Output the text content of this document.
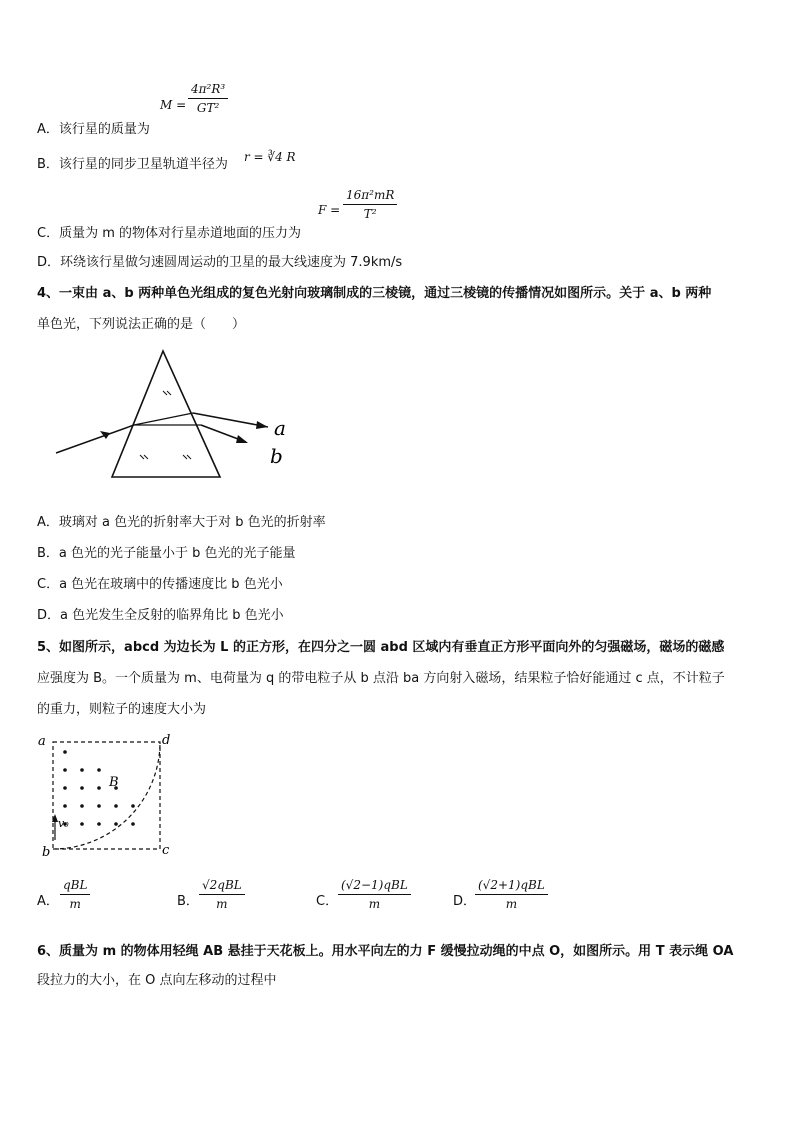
A．该行星的质量为
M =
4π²R³
GT²
B．该行星的同步卫星轨道半径为 r = ∛4 R
C．质量为 m 的物体对行星赤道地面的压力为
F =
16π²mR
T²
D．环绕该行星做匀速圆周运动的卫星的最大线速度为 7.9km/s
4、一束由 a、b 两种单色光组成的复色光射向玻璃制成的三棱镜，通过三棱镜的传播情况如图所示。关于 a、b 两种
单色光，下列说法正确的是（　　）
a
b
A．玻璃对 a 色光的折射率大于对 b 色光的折射率
B．a 色光的光子能量小于 b 色光的光子能量
C．a 色光在玻璃中的传播速度比 b 色光小
D．a 色光发生全反射的临界角比 b 色光小
5、如图所示，abcd 为边长为 L 的正方形，在四分之一圆 abd 区域内有垂直正方形平面向外的匀强磁场，磁场的磁感
应强度为 B。一个质量为 m、电荷量为 q 的带电粒子从 b 点沿 ba 方向射入磁场，结果粒子恰好能通过 c 点，不计粒子
的重力，则粒子的速度大小为
a	d
b	c
B
v₀
A．
qBL
m	B．
√2qBL
m	C．
(√2−1)qBL
m	D．
(√2+1)qBL
m
6、质量为 m 的物体用轻绳 AB 悬挂于天花板上。用水平向左的力 F 缓慢拉动绳的中点 O，如图所示。用 T 表示绳 OA
段拉力的大小，在 O 点向左移动的过程中
